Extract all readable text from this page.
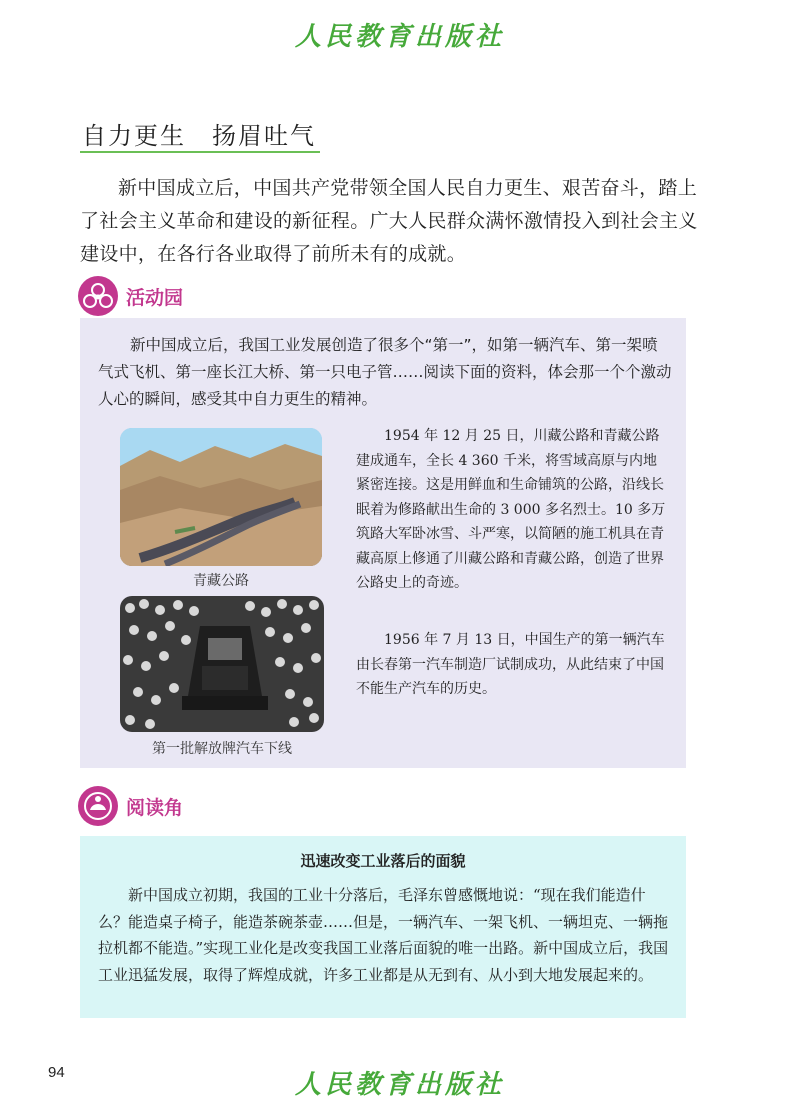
人民教育出版社
自力更生　扬眉吐气

新中国成立后，中国共产党带领全国人民自力更生、艰苦奋斗，踏上了社会主义革命和建设的新征程。广大人民群众满怀激情投入到社会主义建设中，在各行各业取得了前所未有的成就。

活动园

新中国成立后，我国工业发展创造了很多个“第一”，如第一辆汽车、第一架喷气式飞机、第一座长江大桥、第一只电子管……阅读下面的资料，体会那一个个激动人心的瞬间，感受其中自力更生的精神。

青藏公路
第一批解放牌汽车下线

1954 年 12 月 25 日，川藏公路和青藏公路建成通车，全长 4 360 千米，将雪域高原与内地紧密连接。这是用鲜血和生命铺筑的公路，沿线长眠着为修路献出生命的 3 000 多名烈士。10 多万筑路大军卧冰雪、斗严寒，以简陋的施工机具在青藏高原上修通了川藏公路和青藏公路，创造了世界公路史上的奇迹。

1956 年 7 月 13 日，中国生产的第一辆汽车由长春第一汽车制造厂试制成功，从此结束了中国不能生产汽车的历史。

阅读角
迅速改变工业落后的面貌

新中国成立初期，我国的工业十分落后，毛泽东曾感慨地说：“现在我们能造什么？能造桌子椅子，能造茶碗茶壶……但是，一辆汽车、一架飞机、一辆坦克、一辆拖拉机都不能造。”实现工业化是改变我国工业落后面貌的唯一出路。新中国成立后，我国工业迅猛发展，取得了辉煌成就，许多工业都是从无到有、从小到大地发展起来的。

94	人民教育出版社
